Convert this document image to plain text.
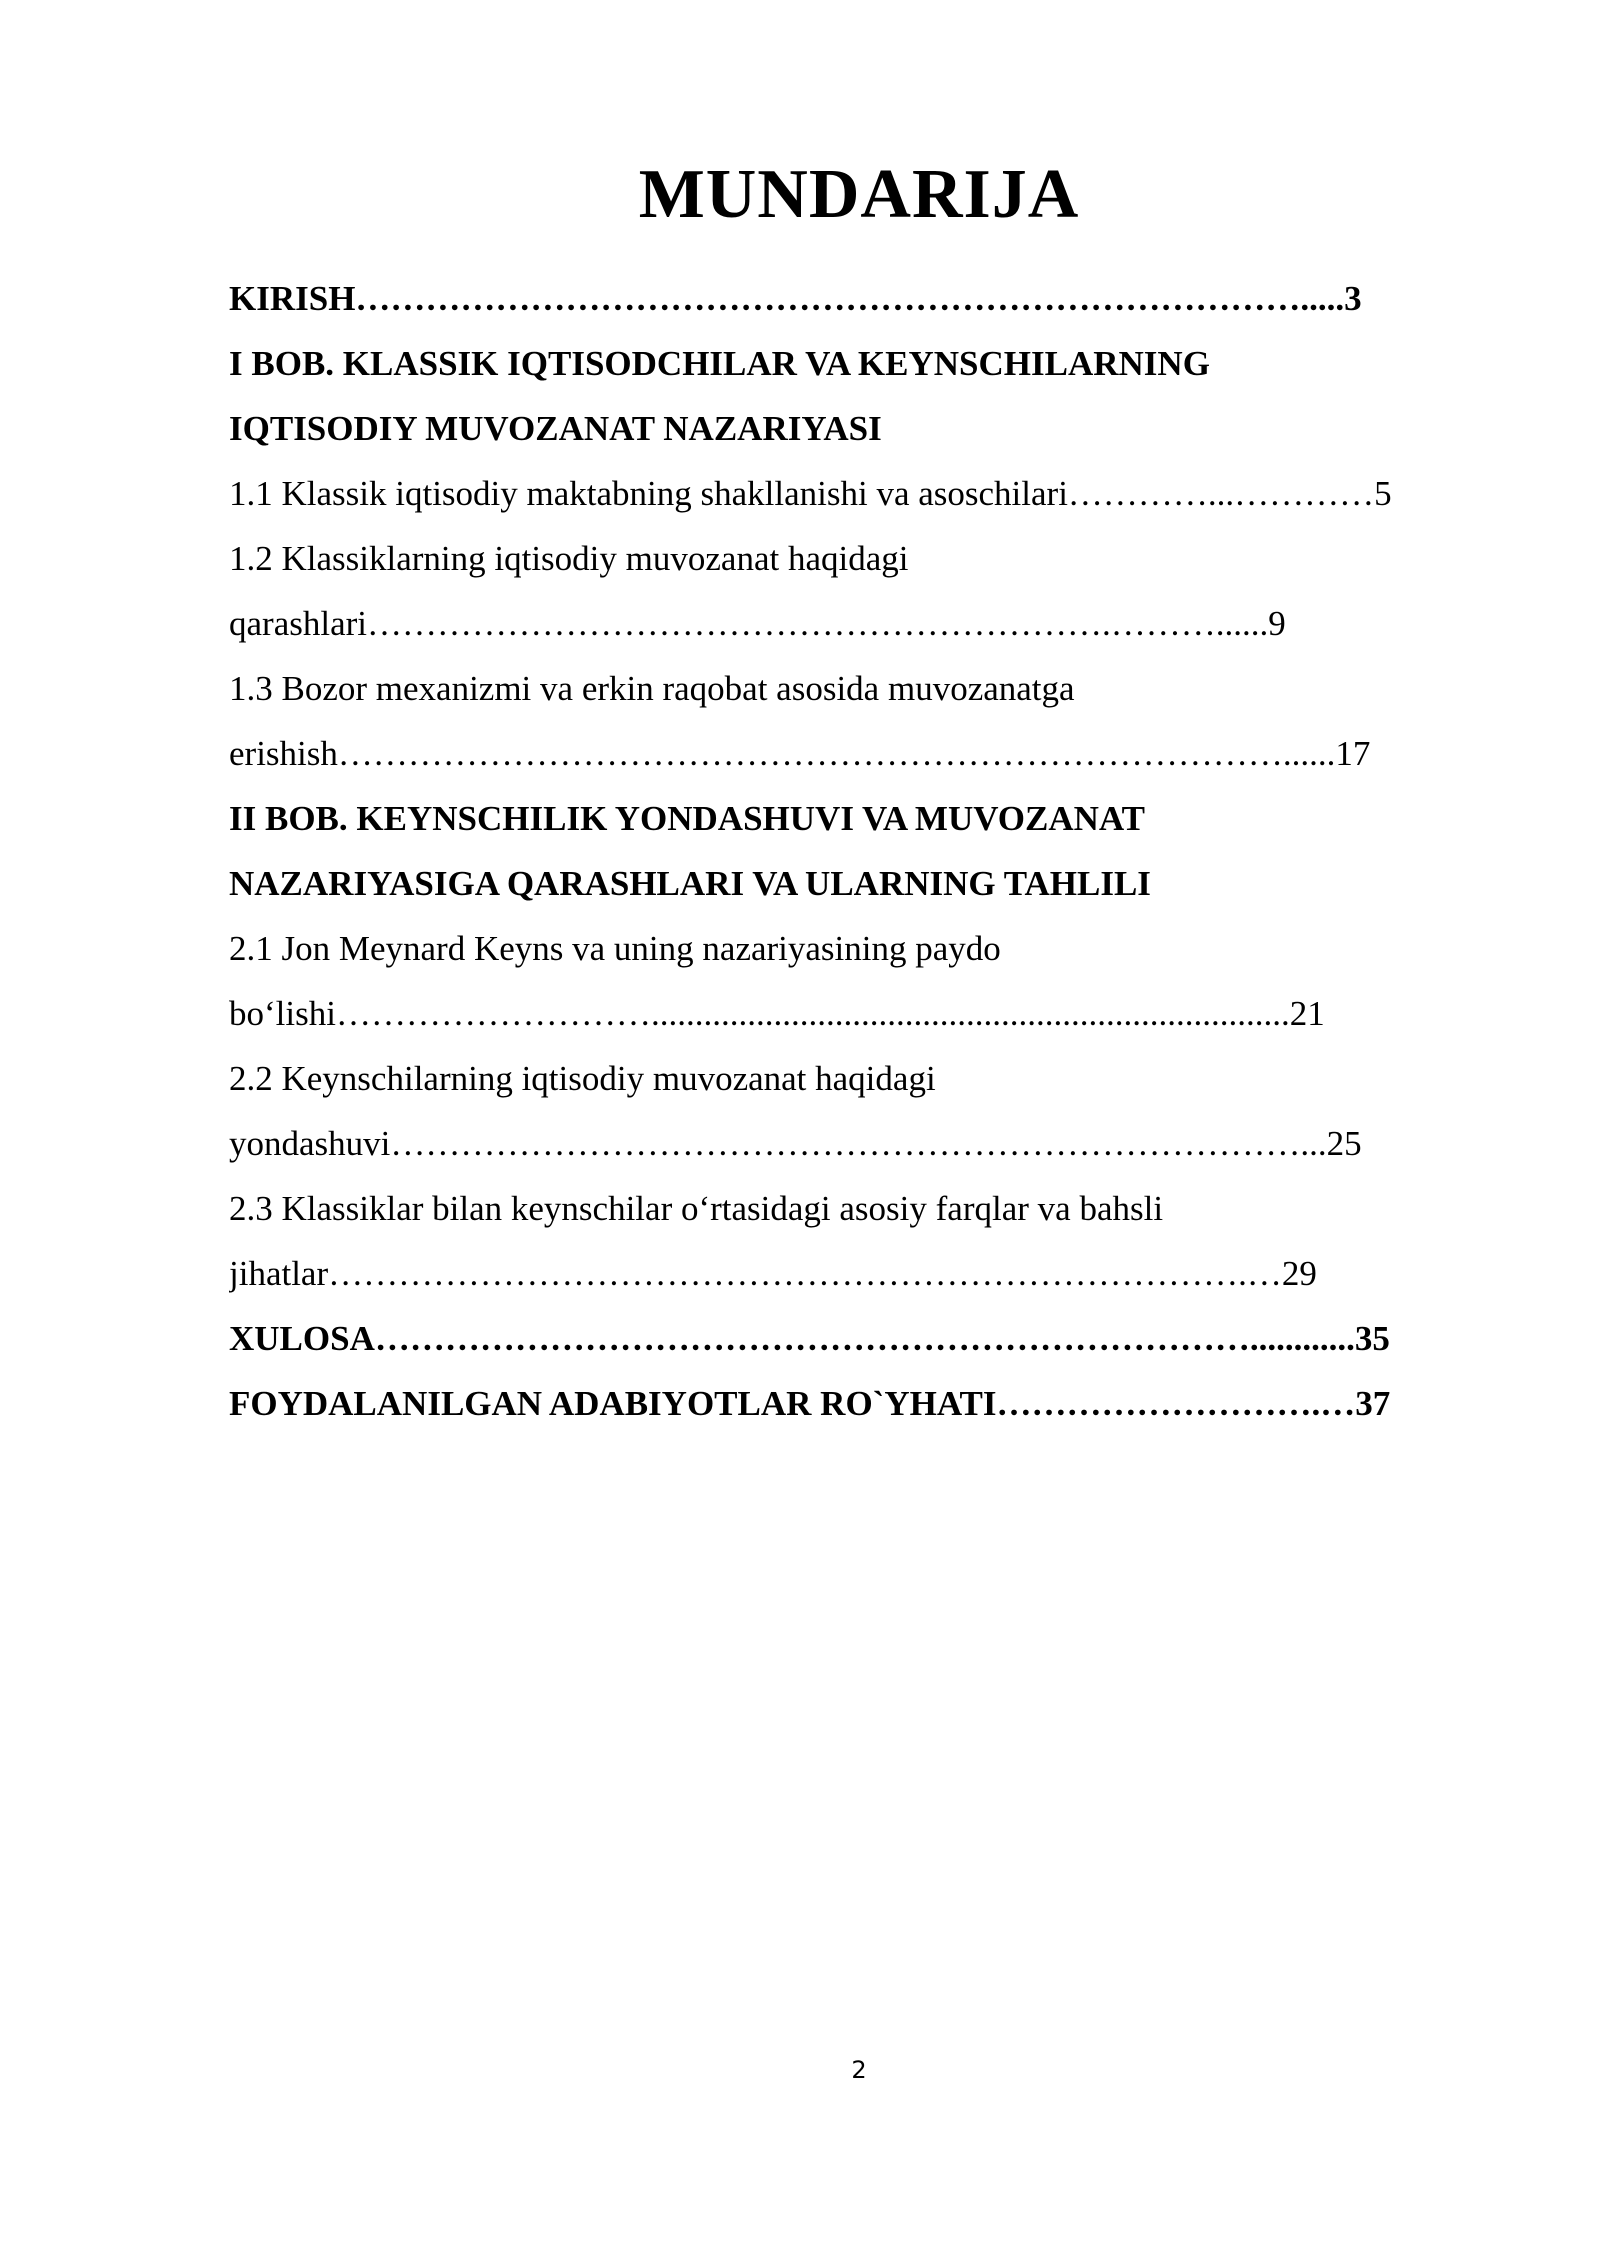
MUNDARIJA
KIRISH……………………………………………………………………….....3
I BOB. KLASSIK IQTISODCHILAR VA KEYNSCHILARNING
IQTISODIY MUVOZANAT NAZARIYASI
1.1 Klassik iqtisodiy maktabning shakllanishi va asoschilari…………...…………5
1.2 Klassiklarning iqtisodiy muvozanat haqidagi
qarashlari……………………………………………………….………......9
1.3 Bozor mexanizmi va erkin raqobat asosida muvozanatga
erishish………………………………………………………………………......17
II BOB. KEYNSCHILIK YONDASHUVI VA MUVOZANAT
NAZARIYASIGA QARASHLARI VA ULARNING TAHLILI
2.1 Jon Meynard Keyns va uning nazariyasining paydo
bo‘lishi……………………….........................................................................21
2.2 Keynschilarning iqtisodiy muvozanat haqidagi
yondashuvi……………………………………………………………………...25
2.3 Klassiklar bilan keynschilar o‘rtasidagi asosiy farqlar va bahsli
jihatlar…………………………………………………………………….…29
XULOSA…………………………………………………………………............35
FOYDALANILGAN ADABIYOTLAR RO`YHATI……………………….…37
2
